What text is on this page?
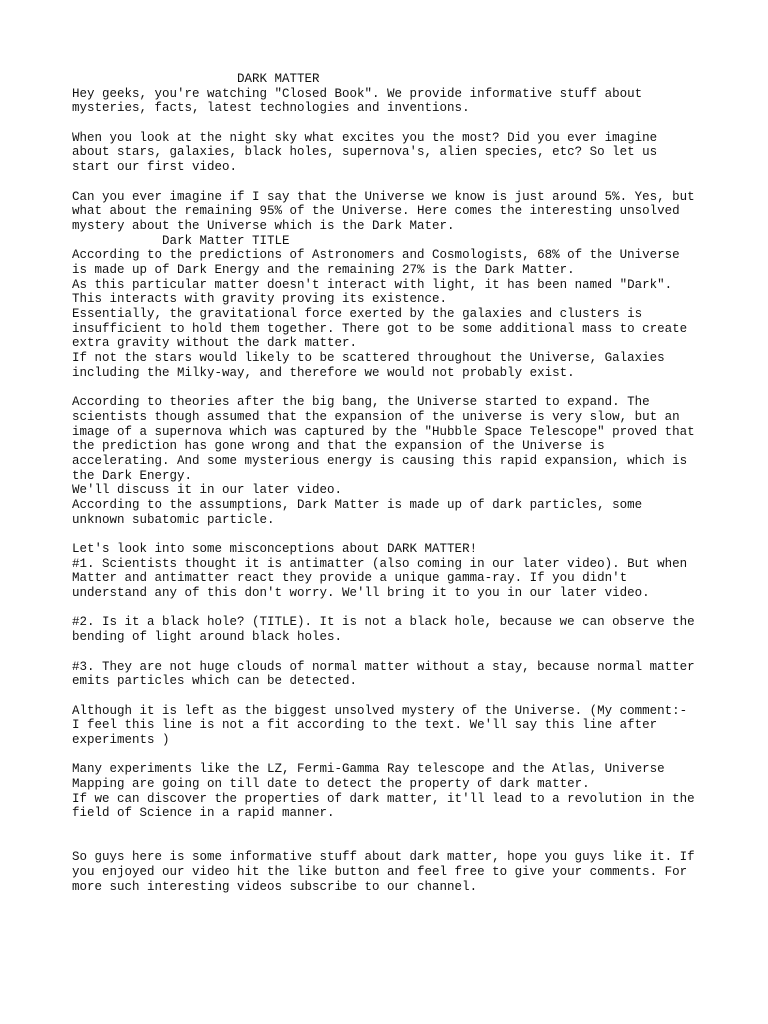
DARK MATTER
Hey geeks, you're watching "Closed Book". We provide informative stuff about
mysteries, facts, latest technologies and inventions.
When you look at the night sky what excites you the most? Did you ever imagine
about stars, galaxies, black holes, supernova's, alien species, etc? So let us
start our first video.
Can you ever imagine if I say that the Universe we know is just around 5%. Yes, but
what about the remaining 95% of the Universe. Here comes the interesting unsolved
mystery about the Universe which is the Dark Mater.
Dark Matter TITLE
According to the predictions of Astronomers and Cosmologists, 68% of the Universe
is made up of Dark Energy and the remaining 27% is the Dark Matter.
As this particular matter doesn't interact with light, it has been named "Dark".
This interacts with gravity proving its existence.
Essentially, the gravitational force exerted by the galaxies and clusters is
insufficient to hold them together. There got to be some additional mass to create
extra gravity without the dark matter.
If not the stars would likely to be scattered throughout the Universe, Galaxies
including the Milky-way, and therefore we would not probably exist.
According to theories after the big bang, the Universe started to expand. The
scientists though assumed that the expansion of the universe is very slow, but an
image of a supernova which was captured by the "Hubble Space Telescope" proved that
the prediction has gone wrong and that the expansion of the Universe is
accelerating. And some mysterious energy is causing this rapid expansion, which is
the Dark Energy.
We'll discuss it in our later video.
According to the assumptions, Dark Matter is made up of dark particles, some
unknown subatomic particle.
Let's look into some misconceptions about DARK MATTER!
#1. Scientists thought it is antimatter (also coming in our later video). But when
Matter and antimatter react they provide a unique gamma-ray. If you didn't
understand any of this don't worry. We'll bring it to you in our later video.
#2. Is it a black hole? (TITLE). It is not a black hole, because we can observe the
bending of light around black holes.
#3. They are not huge clouds of normal matter without a stay, because normal matter
emits particles which can be detected.
Although it is left as the biggest unsolved mystery of the Universe. (My comment:-
I feel this line is not a fit according to the text. We'll say this line after
experiments )
Many experiments like the LZ, Fermi-Gamma Ray telescope and the Atlas, Universe
Mapping are going on till date to detect the property of dark matter.
If we can discover the properties of dark matter, it'll lead to a revolution in the
field of Science in a rapid manner.
So guys here is some informative stuff about dark matter, hope you guys like it. If
you enjoyed our video hit the like button and feel free to give your comments. For
more such interesting videos subscribe to our channel.
